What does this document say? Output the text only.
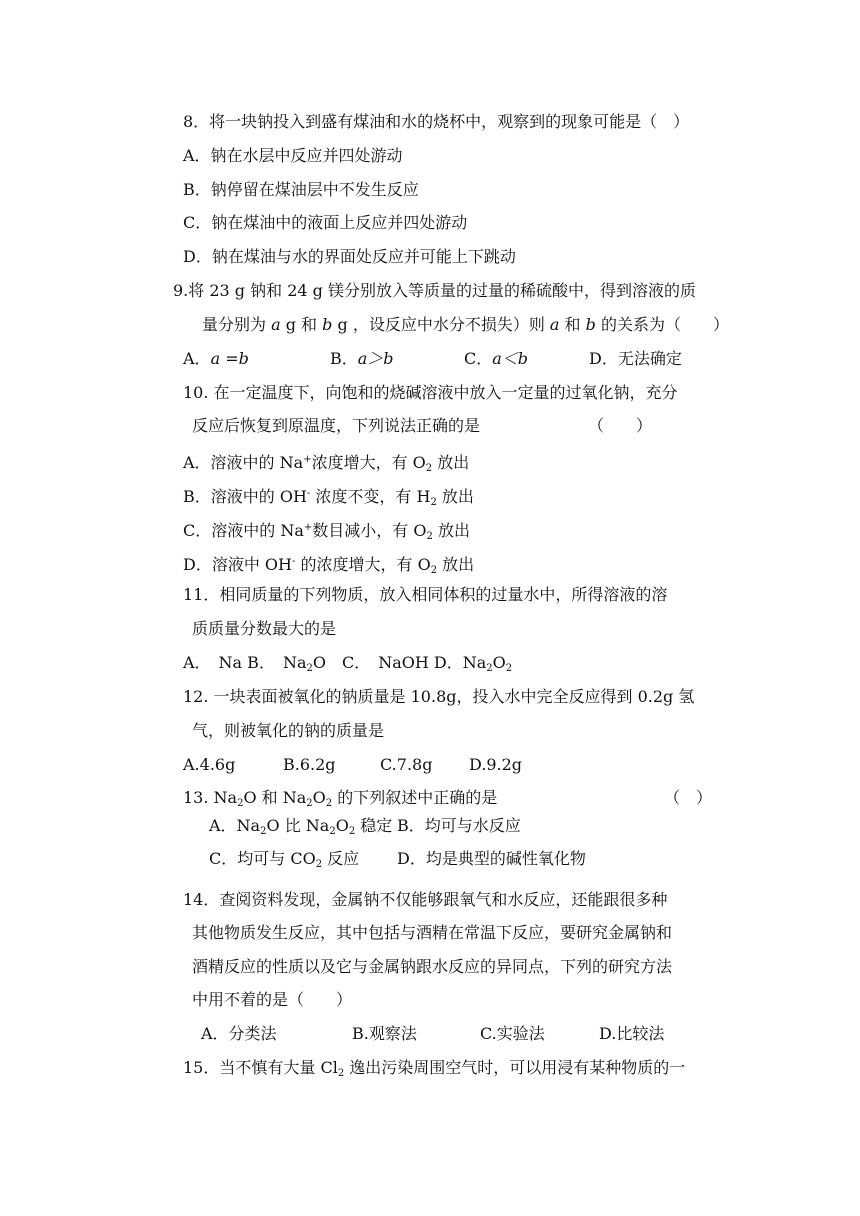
8．将一块钠投入到盛有煤油和水的烧杯中，观察到的现象可能是（　）
A．钠在水层中反应并四处游动
B．钠停留在煤油层中不发生反应
C．钠在煤油中的液面上反应并四处游动
D．钠在煤油与水的界面处反应并可能上下跳动
9.将 23 g 钠和 24 g 镁分别放入等质量的过量的稀硫酸中，得到溶液的质
量分别为 a g 和 b g ，设反应中水分不损失）则 a 和 b 的关系为（　　）
A．a =b	B．a＞b	C．a＜b	D．无法确定
10. 在一定温度下，向饱和的烧碱溶液中放入一定量的过氧化钠，充分
反应后恢复到原温度，下列说法正确的是	（　　）
A．溶液中的 Na+浓度增大，有 $O_2$ 放出
B．溶液中的 OH- 浓度不变，有 $H_2$ 放出
C．溶液中的 Na+数目减小，有 $O_2$ 放出
D．溶液中 OH- 的浓度增大，有 $O_2$ 放出
11．相同质量的下列物质，放入相同体积的过量水中，所得溶液的溶
质质量分数最大的是
A．　Na B．　$Na_2O$　C．　NaOH D．$Na_2O_2$
12. 一块表面被氧化的钠质量是 10.8g，投入水中完全反应得到 0.2g 氢
气，则被氧化的钠的质量是
A.4.6g	B.6.2g	C.7.8g D.9.2g
13. $Na_2O$ 和 $Na_2O_2$ 的下列叙述中正确的是	（　）
A．$Na_2O$ 比 $Na_2O_2$ 稳定 B．均可与水反应
C．均可与 $CO_2$ 反应 D．均是典型的碱性氧化物
14．查阅资料发现，金属钠不仅能够跟氧气和水反应，还能跟很多种
其他物质发生反应，其中包括与酒精在常温下反应，要研究金属钠和
酒精反应的性质以及它与金属钠跟水反应的异同点，下列的研究方法
中用不着的是（　　）
A．分类法	B.观察法	C.实验法	D.比较法
15．当不慎有大量 $Cl_2$ 逸出污染周围空气时，可以用浸有某种物质的一
